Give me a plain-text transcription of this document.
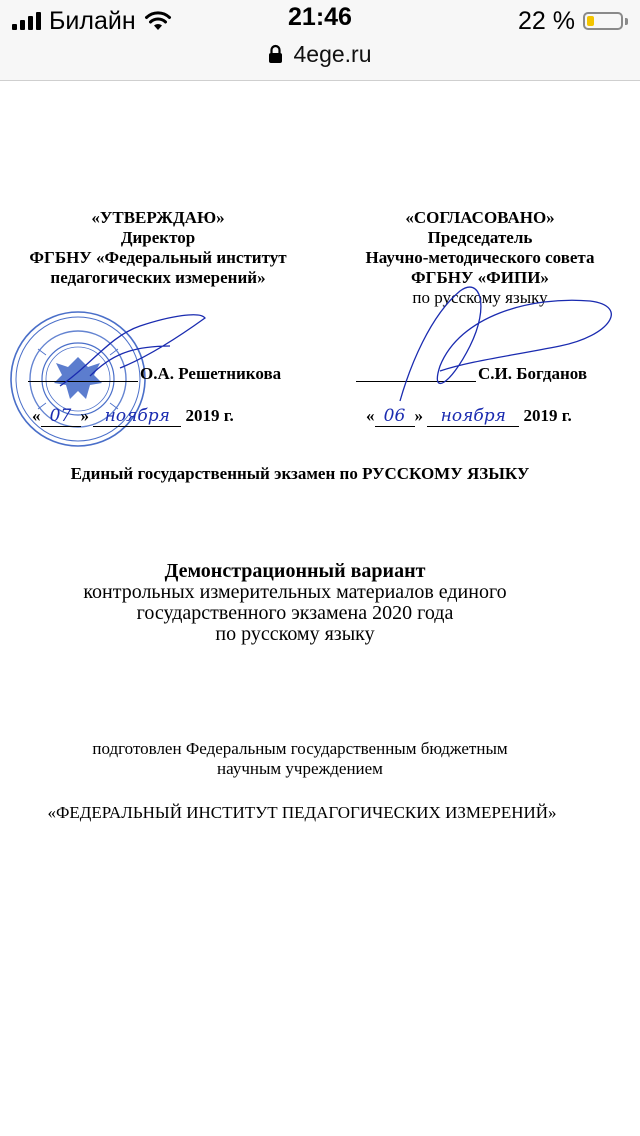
Билайн	21:46	22 %
4ege.ru
«УТВЕРЖДАЮ»
Директор
ФГБНУ «Федеральный институт
педагогических измерений»
О.А. Решетникова
« 07 » ноября 2019 г.
«СОГЛАСОВАНО»
Председатель
Научно-методического совета
ФГБНУ «ФИПИ»
по русскому языку
С.И. Богданов
« 06 » ноября 2019 г.
Единый государственный экзамен по РУССКОМУ ЯЗЫКУ
Демонстрационный вариант
контрольных измерительных материалов единого
государственного экзамена 2020 года
по русскому языку
подготовлен Федеральным государственным бюджетным
научным учреждением
«ФЕДЕРАЛЬНЫЙ ИНСТИТУТ ПЕДАГОГИЧЕСКИХ ИЗМЕРЕНИЙ»
